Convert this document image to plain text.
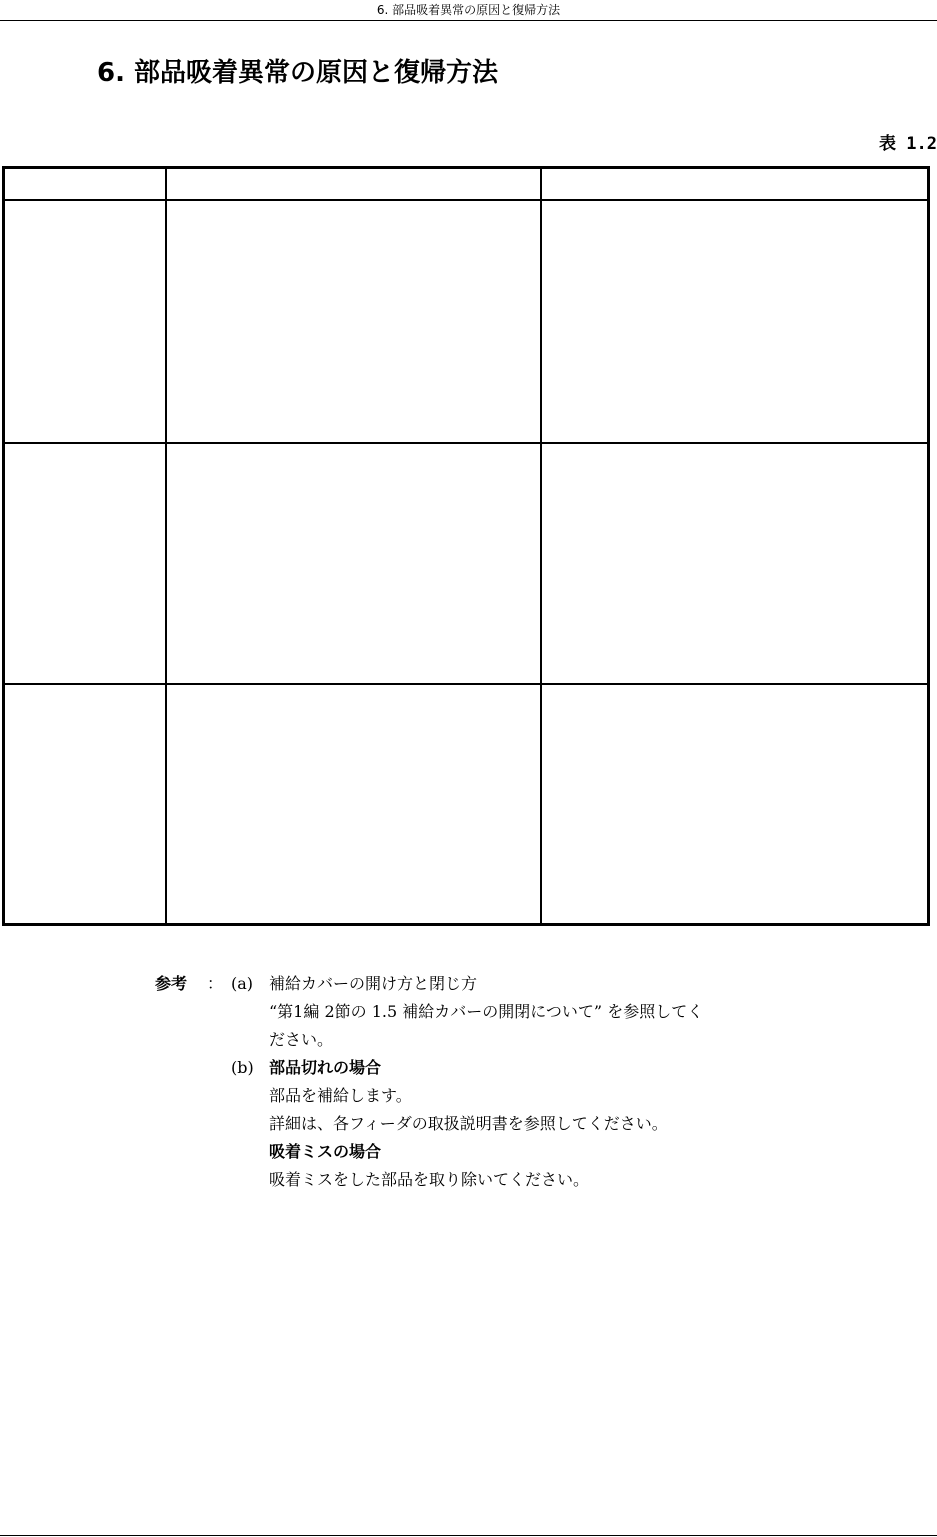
6. 部品吸着異常の原因と復帰方法
6. 部品吸着異常の原因と復帰方法
表 1.2
参考 ： (a) 補給カバーの開け方と閉じ方
“第1編 2節の 1.5 補給カバーの開閉について” を参照してく
ださい。
(b) 部品切れの場合
部品を補給します。
詳細は、各フィーダの取扱説明書を参照してください。
吸着ミスの場合
吸着ミスをした部品を取り除いてください。
